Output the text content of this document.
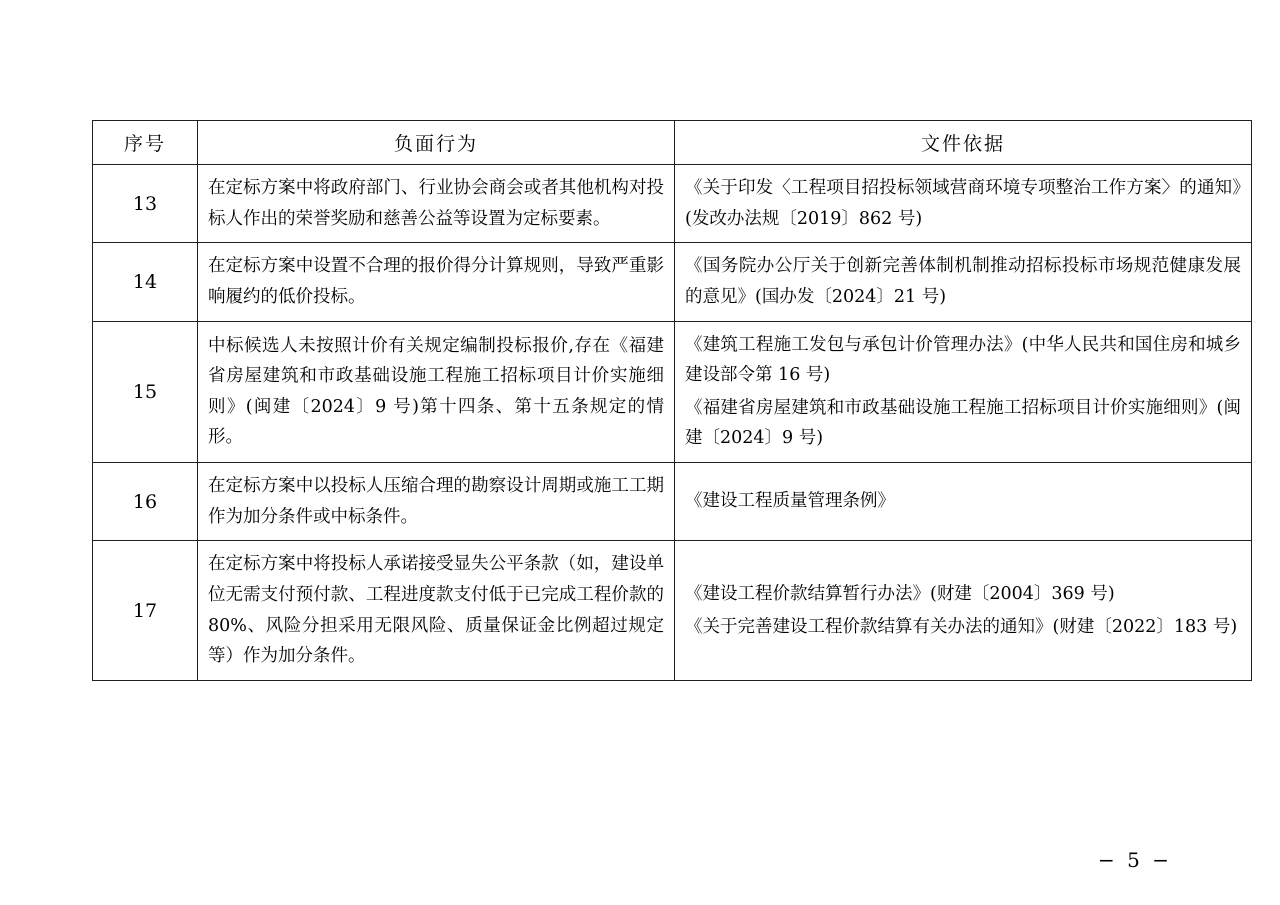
序号	负面行为	文件依据
13	在定标方案中将政府部门、行业协会商会或者其他机构对投标人作出的荣誉奖励和慈善公益等设置为定标要素。	《关于印发〈工程项目招投标领域营商环境专项整治工作方案〉的通知》(发改办法规〔2019〕862 号)

14	在定标方案中设置不合理的报价得分计算规则，导致严重影响履约的低价投标。	《国务院办公厅关于创新完善体制机制推动招标投标市场规范健康发展的意见》(国办发〔2024〕21 号)

15	中标候选人未按照计价有关规定编制投标报价,存在《福建省房屋建筑和市政基础设施工程施工招标项目计价实施细则》(闽建〔2024〕9 号)第十四条、第十五条规定的情形。	《建筑工程施工发包与承包计价管理办法》(中华人民共和国住房和城乡建设部令第 16 号)

《福建省房屋建筑和市政基础设施工程施工招标项目计价实施细则》(闽建〔2024〕9 号)

16	在定标方案中以投标人压缩合理的勘察设计周期或施工工期作为加分条件或中标条件。	《建设工程质量管理条例》

17	在定标方案中将投标人承诺接受显失公平条款（如，建设单位无需支付预付款、工程进度款支付低于已完成工程价款的 80%、风险分担采用无限风险、质量保证金比例超过规定等）作为加分条件。	《建设工程价款结算暂行办法》(财建〔2004〕369 号)

《关于完善建设工程价款结算有关办法的通知》(财建〔2022〕183 号)

− 5 −
